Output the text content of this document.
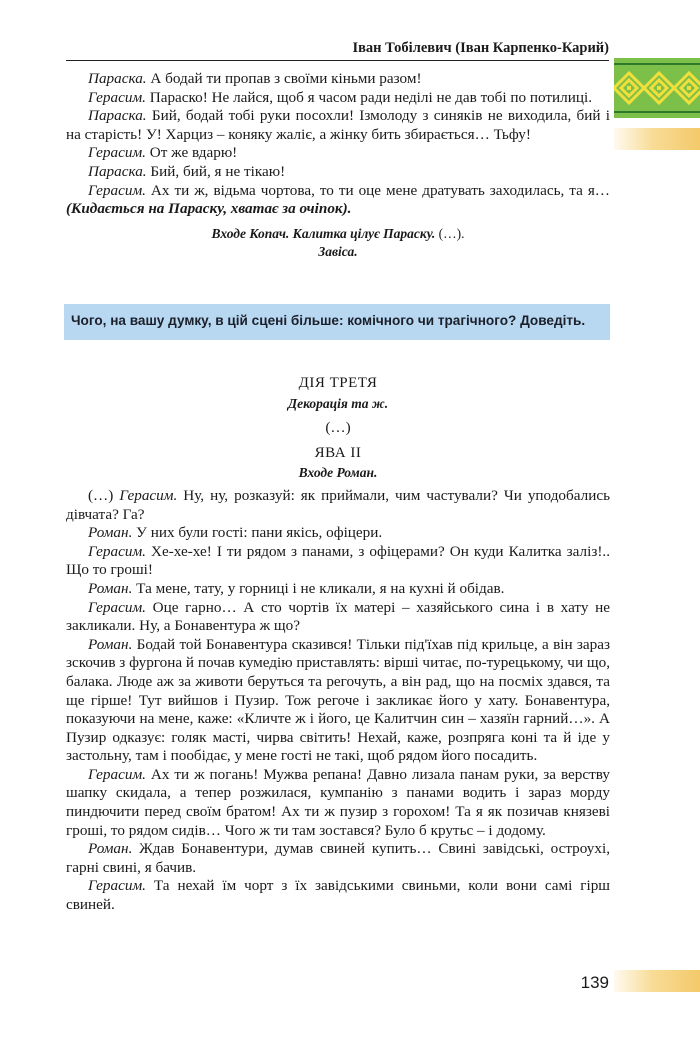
Іван Тобілевич (Іван Карпенко-Карий)

Параска. А бодай ти пропав з своїми кіньми разом!

Герасим. Параско! Не лайся, щоб я часом ради неділі не дав тобі по потилиці.

Параска. Бий, бодай тобі руки посохли! Ізмолоду з синяків не виходила, бий і на старість! У! Харциз – коняку жаліє, а жінку бить збирається… Тьфу!

Герасим. От же вдарю!

Параска. Бий, бий, я не тікаю!

Герасим. Ах ти ж, відьма чортова, то ти оце мене дратувать заходилась, та я… (Кидається на Параску, хватає за очіпок).

Входе Копач. Калитка цілує Параску. (…).

Завіса.

Чого, на вашу думку, в цій сцені більше: комічного чи трагічного? Доведіть.

ДІЯ ТРЕТЯ

Декорація та ж.

(…)

ЯВА II

Входе Роман.

(…) Герасим. Ну, ну, розказуй: як приймали, чим частували? Чи уподобались дівчата? Га?

Роман. У них були гості: пани якісь, офіцери.

Герасим. Хе-хе-хе! І ти рядом з панами, з офіцерами? Он куди Калитка заліз!.. Що то гроші!

Роман. Та мене, тату, у горниці і не кликали, я на кухні й обідав.

Герасим. Оце гарно… А сто чортів їх матері – хазяйського сина і в хату не закликали. Ну, а Бонавентура ж що?

Роман. Бодай той Бонавентура сказився! Тільки під'їхав під крильце, а він зараз зскочив з фургона й почав кумедію приставлять: вірші читає, по-турецькому, чи що, балака. Люде аж за животи беруться та регочуть, а він рад, що на посміх здався, та ще гірше! Тут вийшов і Пузир. Тож регоче і закликає його у хату. Бонавентура, показуючи на мене, каже: «Кличте ж і його, це Калитчин син – хазяїн гарний…». А Пузир одказує: голяк масті, чирва світить! Нехай, каже, розпряга коні та й іде у застольну, там і пообідає, у мене гості не такі, щоб рядом його посадить.

Герасим. Ах ти ж погань! Мужва репана! Давно лизала панам руки, за верству шапку скидала, а тепер розжилася, кумпанію з панами водить і зараз морду пиндючити перед своїм братом! Ах ти ж пузир з горохом! Та я як позичав князеві гроші, то рядом сидів… Чого ж ти там зостався? Було б крутьс – і додому.

Роман. Ждав Бонавентури, думав свиней купить… Свині завідські, остроухі, гарні свині, я бачив.

Герасим. Та нехай їм чорт з їх завідськими свиньми, коли вони самі гірш свиней.

139
